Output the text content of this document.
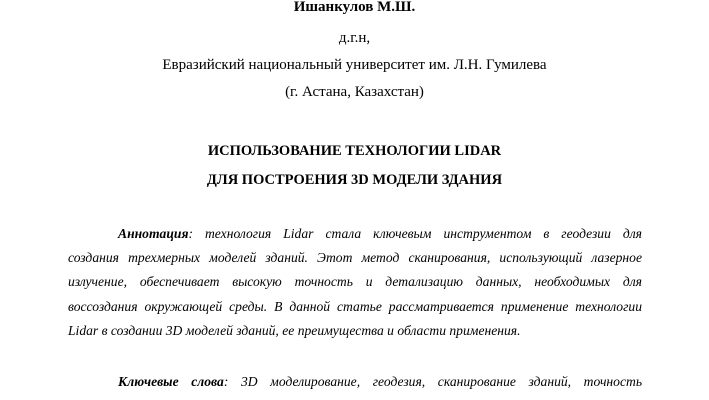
Ишанкулов М.Ш.
д.г.н,
Евразийский национальный университет им. Л.Н. Гумилева
(г. Астана, Казахстан)
ИСПОЛЬЗОВАНИЕ ТЕХНОЛОГИИ LIDAR
ДЛЯ ПОСТРОЕНИЯ 3D МОДЕЛИ ЗДАНИЯ
Аннотация: технология Lidar стала ключевым инструментом в геодезии для
создания трехмерных моделей зданий. Этот метод сканирования, использующий лазерное
излучение, обеспечивает высокую точность и детализацию данных, необходимых для
воссоздания окружающей среды. В данной статье рассматривается применение технологии
Lidar в создании 3D моделей зданий, ее преимущества и области применения.
Ключевые слова: 3D моделирование, геодезия, сканирование зданий, точность
